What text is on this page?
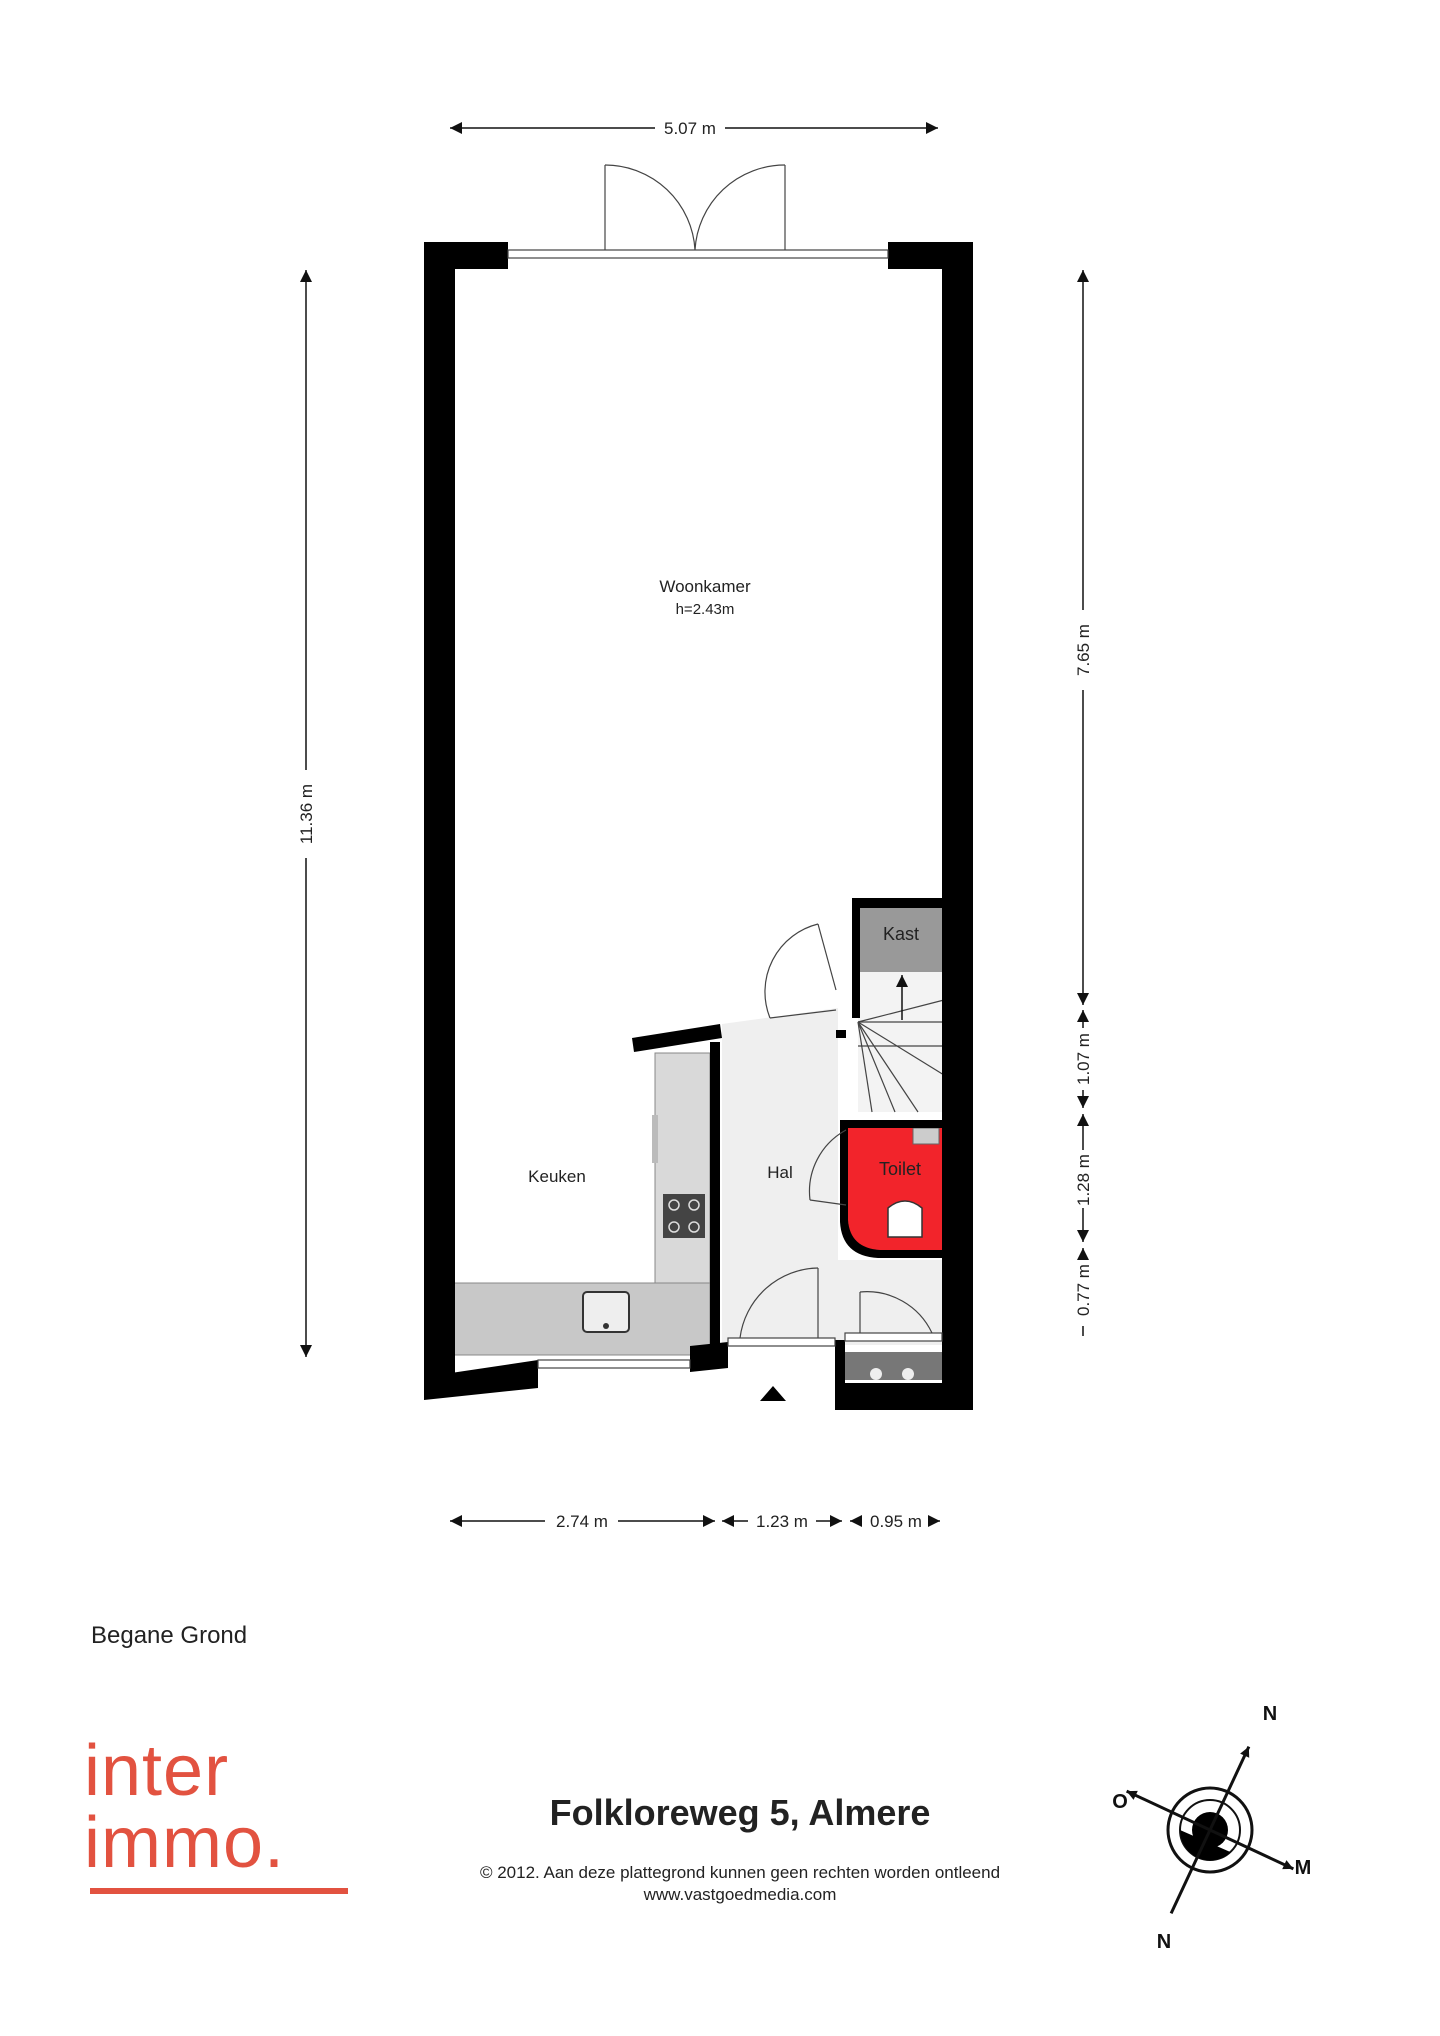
5.07 m
11.36 m
7.65 m
1.07 m
1.28 m
0.77 m
2.74 m	1.23 m	0.95 m
Kast
Toilet
Woonkamer
h=2.43m
Keuken	Hal
N
N
O
M
Begane Grond
inter
immo.	Folkloreweg 5, Almere
© 2012. Aan deze plattegrond kunnen geen rechten worden ontleend
www.vastgoedmedia.com
